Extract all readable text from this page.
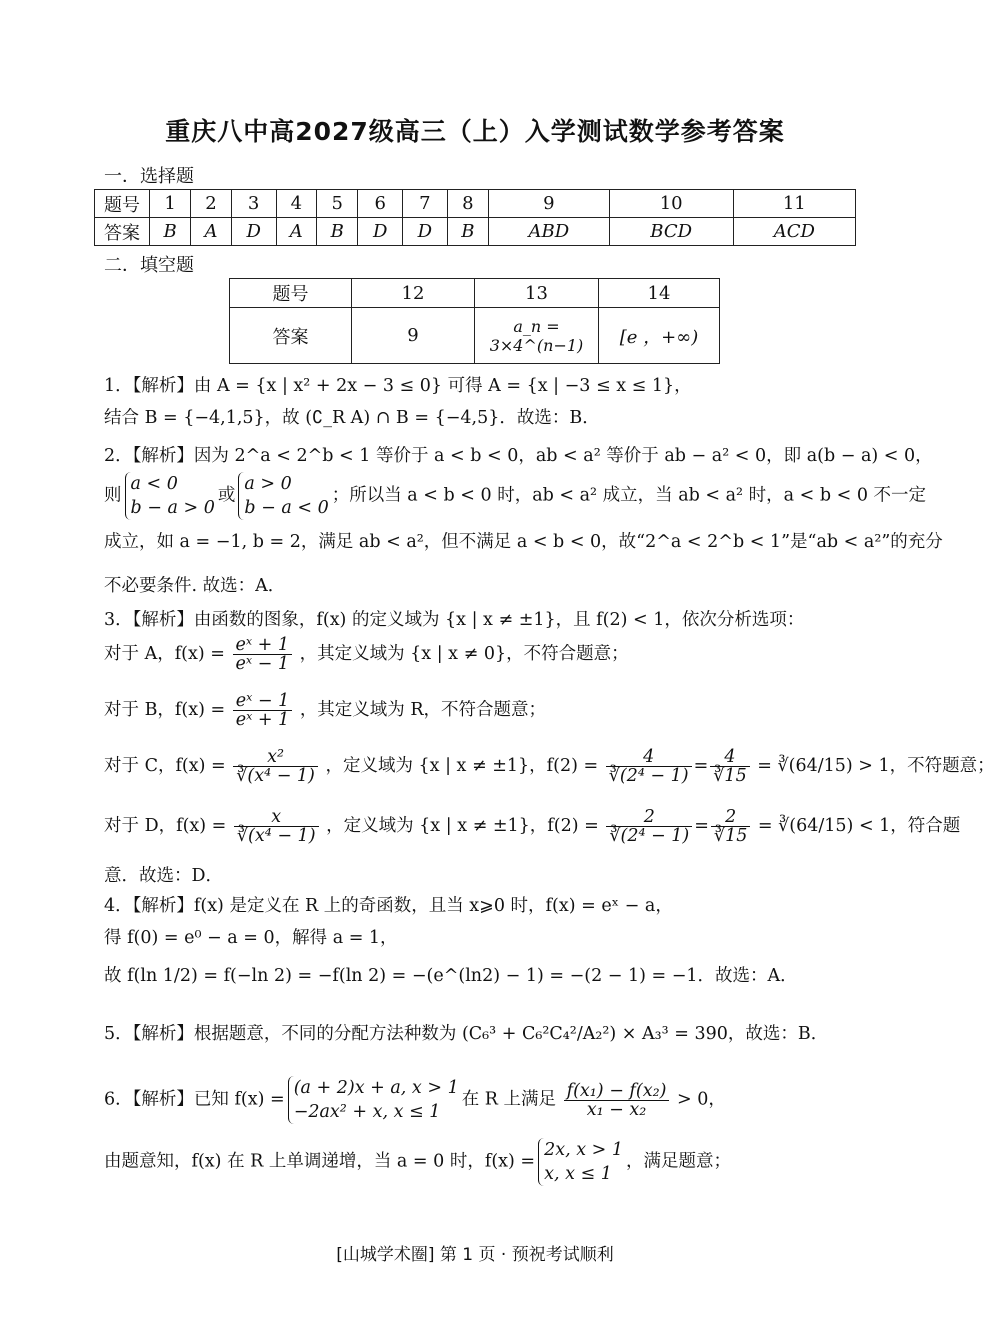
重庆八中高2027级高三（上）入学测试数学参考答案
一．选择题
题号	1	2	3	4	5	6	7	8	9	10	11
答案	B	A	D	A	B	D	D	B	ABD	BCD	ACD
二．填空题
题号	12	13	14
答案	9	a_n = 3×4^(n−1)	[e ，+∞)
1．【解析】由 A = {x | x² + 2x − 3 ≤ 0} 可得 A = {x | −3 ≤ x ≤ 1}，
结合 B = {−4,1,5}，故 (∁_R A) ∩ B = {−4,5}．故选：B．
2．【解析】因为 2^a < 2^b < 1 等价于 a < b < 0，ab < a² 等价于 ab − a² < 0，即 a(b − a) < 0，
则a < 0
b − a > 0或a > 0
b − a < 0；所以当 a < b < 0 时，ab < a² 成立，当 ab < a² 时，a < b < 0 不一定
成立，如 a = −1, b = 2，满足 ab < a²，但不满足 a < b < 0，故“2^a < 2^b < 1”是“ab < a²”的充分
不必要条件. 故选：A．
3．【解析】由函数的图象，f(x) 的定义域为 {x | x ≠ ±1}，且 f(2) < 1，依次分析选项：
对于 A，$f(x) = \frac{\text{eˣ + 1}}{\text{eˣ − 1}}$ ，其定义域为 {x | x ≠ 0}，不符合题意；
对于 B，$f(x) = \frac{\text{eˣ − 1}}{\text{eˣ + 1}}$ ，其定义域为 R，不符合题意；
对于 C，$f(x) = \frac{\text{x²}}{\text{∛(x⁴ − 1)}}$ ，定义域为 {x | x ≠ ±1}，$f(2) = \frac{4}{\text{∛(2⁴ − 1)}} = \frac{4}{∛15}$ = ∛(64/15) > 1，不符题意；
对于 D，$f(x) = \frac{x}{\text{∛(x⁴ − 1)}}$ ，定义域为 {x | x ≠ ±1}，$f(2) = \frac{2}{\text{∛(2⁴ − 1)}} = \frac{2}{∛15}$ = ∛(64/15) < 1，符合题
意．故选：D．
4．【解析】f(x) 是定义在 R 上的奇函数，且当 x⩾0 时，f(x) = eˣ − a，
得 f(0) = e⁰ − a = 0，解得 a = 1，
故 f(ln 1/2) = f(−ln 2) = −f(ln 2) = −(e^(ln2) − 1) = −(2 − 1) = −1．故选：A．
5．【解析】根据题意，不同的分配方法种数为 (C₆³ + C₆²C₄²/A₂²) × A₃³ = 390，故选：B．
6．【解析】已知 f(x) =(a + 2)x + a, x > 1
−2ax² + x, x ≤ 1在 R 上满足 $\frac{\text{f(x₁) − f(x₂)}}{\text{x₁ − x₂}} > 0$，
由题意知，f(x) 在 R 上单调递增，当 a = 0 时，f(x) =2x, x > 1
x, x ≤ 1，满足题意；
[山城学术圈] 第 1 页 · 预祝考试顺利
